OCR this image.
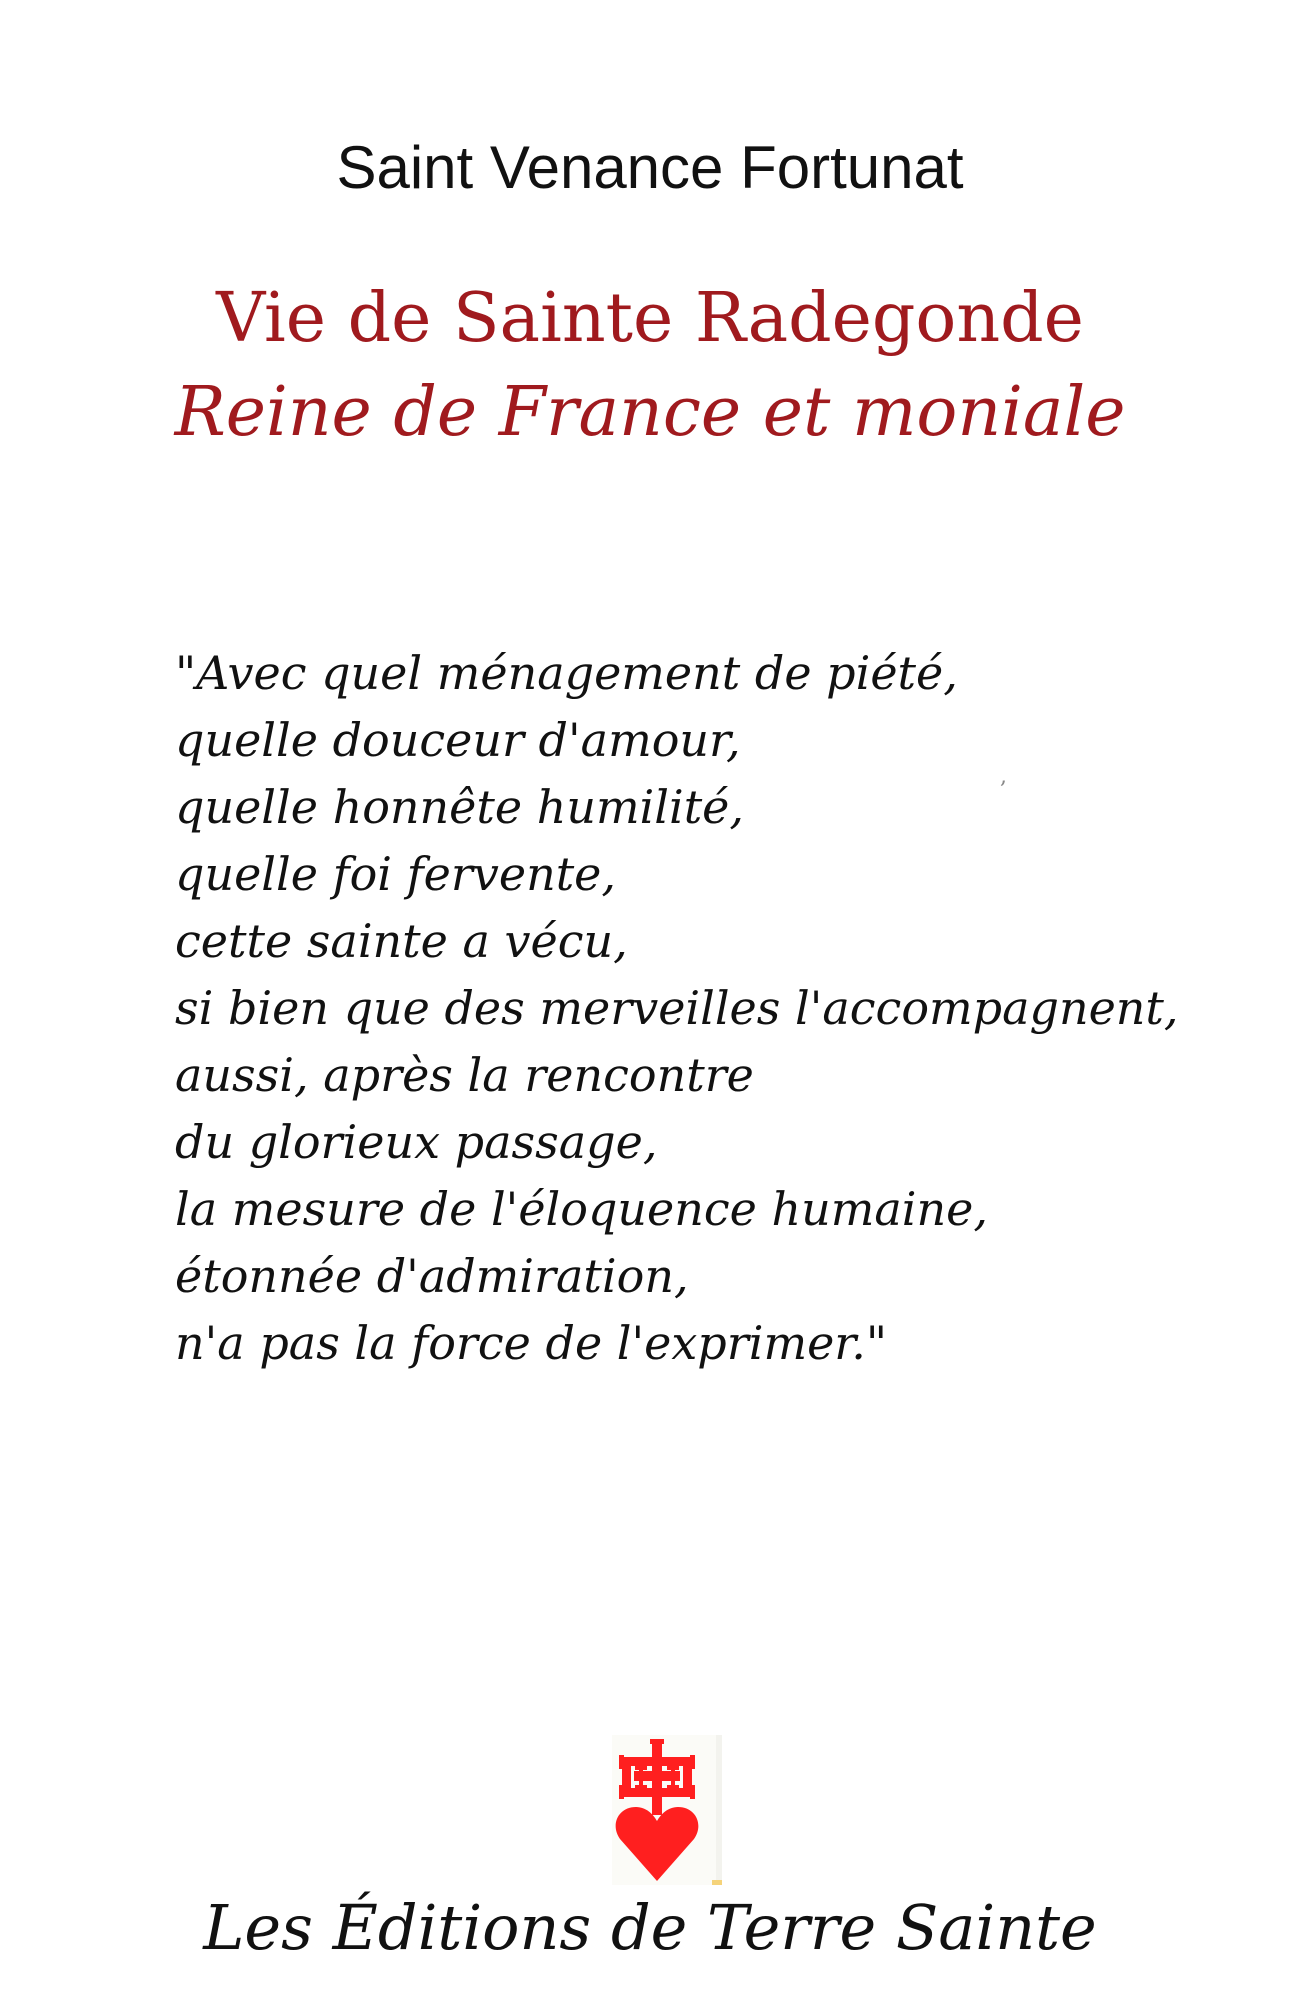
Saint Venance Fortunat
Vie de Sainte Radegonde
Reine de France et moniale
"Avec quel ménagement de piété,
quelle douceur d'amour,
quelle honnête humilité,
quelle foi fervente,
cette sainte a vécu,
si bien que des merveilles l'accompagnent,
aussi, après la rencontre
du glorieux passage,
la mesure de l'éloquence humaine,
étonnée d'admiration,
n'a pas la force de l'exprimer."
,
Les Éditions de Terre Sainte
